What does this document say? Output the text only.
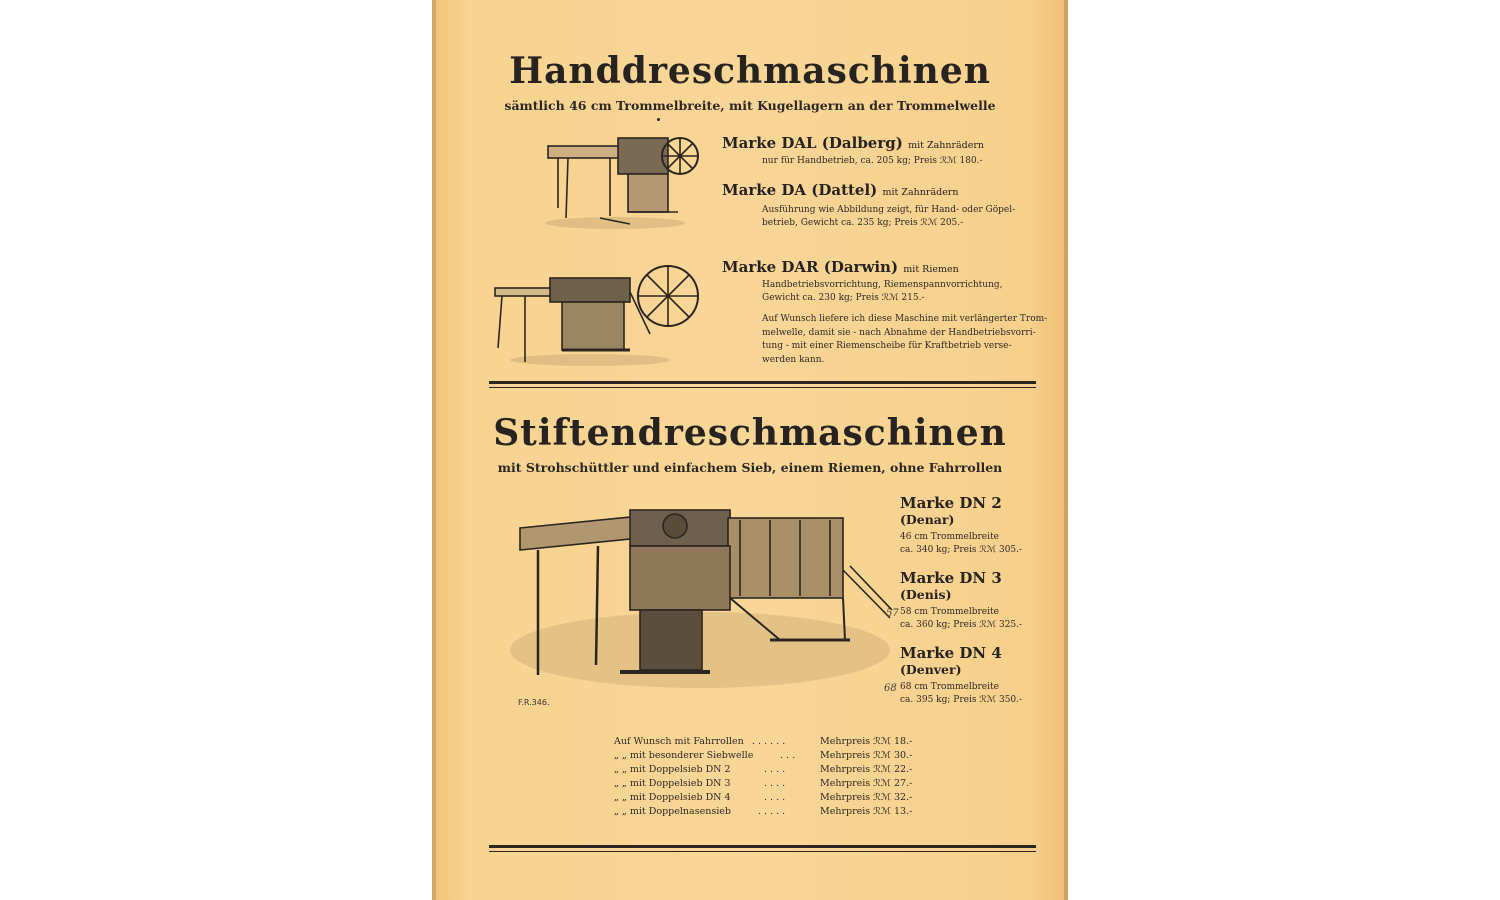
Handdreschmaschinen
sämtlich 46 cm Trommelbreite, mit Kugellagern an der Trommelwelle
Marke DAL (Dalberg) mit Zahnrädern
nur für Handbetrieb, ca. 205 kg; Preis ℛℳ 180.-
Marke DA (Dattel) mit Zahnrädern
Ausführung wie Abbildung zeigt, für Hand- oder Göpel-
betrieb, Gewicht ca. 235 kg; Preis ℛℳ 205.-
Marke DAR (Darwin) mit Riemen
Handbetriebsvorrichtung, Riemenspannvorrichtung,
Gewicht ca. 230 kg; Preis ℛℳ 215.-
Auf Wunsch liefere ich diese Maschine mit verlängerter Trom-
melwelle, damit sie - nach Abnahme der Handbetriebsvorri-
tung - mit einer Riemenscheibe für Kraftbetrieb verse-
werden kann.
Stiftendreschmaschinen
mit Strohschüttler und einfachem Sieb, einem Riemen, ohne Fahrrollen
F.R.346.
Marke DN 2
(Denar)
46 cm Trommelbreite
ca. 340 kg; Preis ℛℳ 305.-
Marke DN 3
(Denis)
58 cm Trommelbreite
ca. 360 kg; Preis ℛℳ 325.-
Marke DN 4
(Denver)
68 cm Trommelbreite
ca. 395 kg; Preis ℛℳ 350.-
57
68
Auf Wunsch mit Fahrrollen . . . . . .	Mehrpreis ℛℳ 18.-
„ „ mit besonderer Siebwelle	. . .	Mehrpreis ℛℳ 30.-
„ „ mit Doppelsieb DN 2	. . . .	Mehrpreis ℛℳ 22.-
„ „ mit Doppelsieb DN 3	. . . .	Mehrpreis ℛℳ 27.-
„ „ mit Doppelsieb DN 4	. . . .	Mehrpreis ℛℳ 32.-
„ „ mit Doppelnasensieb	. . . . .	Mehrpreis ℛℳ 13.-
